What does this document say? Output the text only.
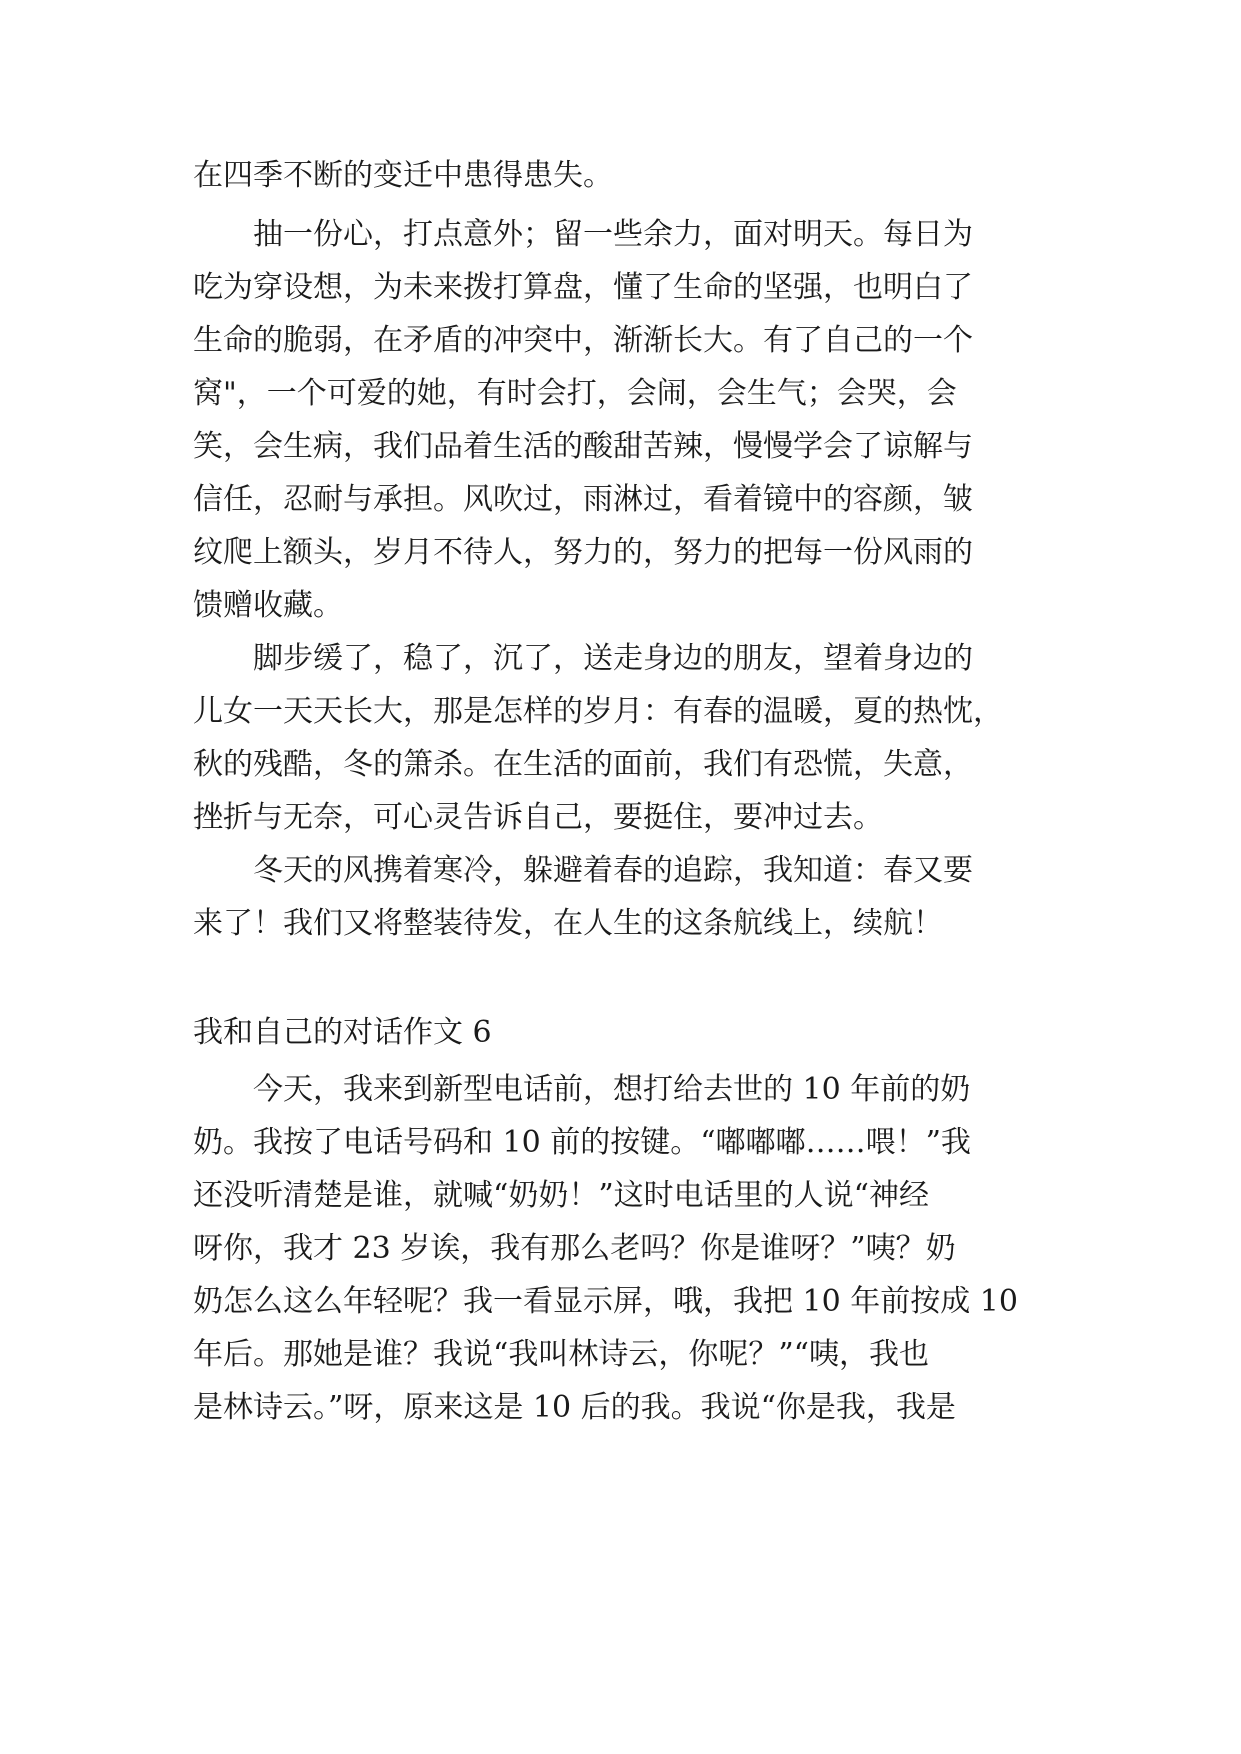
在四季不断的变迁中患得患失。
抽一份心，打点意外；留一些余力，面对明天。每日为
吃为穿设想，为未来拨打算盘，懂了生命的坚强，也明白了
生命的脆弱，在矛盾的冲突中，渐渐长大。有了自己的一个
窝"，一个可爱的她，有时会打，会闹，会生气；会哭，会
笑，会生病，我们品着生活的酸甜苦辣，慢慢学会了谅解与
信任，忍耐与承担。风吹过，雨淋过，看着镜中的容颜，皱
纹爬上额头，岁月不待人，努力的，努力的把每一份风雨的
馈赠收藏。
脚步缓了，稳了，沉了，送走身边的朋友，望着身边的
儿女一天天长大，那是怎样的岁月：有春的温暖，夏的热忱，
秋的残酷，冬的箫杀。在生活的面前，我们有恐慌，失意，
挫折与无奈，可心灵告诉自己，要挺住，要冲过去。
冬天的风携着寒冷，躲避着春的追踪，我知道：春又要
来了！我们又将整装待发，在人生的这条航线上，续航！
我和自己的对话作文 6
今天，我来到新型电话前，想打给去世的 10 年前的奶
奶。我按了电话号码和 10 前的按键。“嘟嘟嘟……喂！”我
还没听清楚是谁，就喊“奶奶！”这时电话里的人说“神经
呀你，我才 23 岁诶，我有那么老吗？你是谁呀？”咦？奶
奶怎么这么年轻呢？我一看显示屏，哦，我把 10 年前按成 10
年后。那她是谁？我说“我叫林诗云，你呢？”“咦，我也
是林诗云。”呀，原来这是 10 后的我。我说“你是我，我是
